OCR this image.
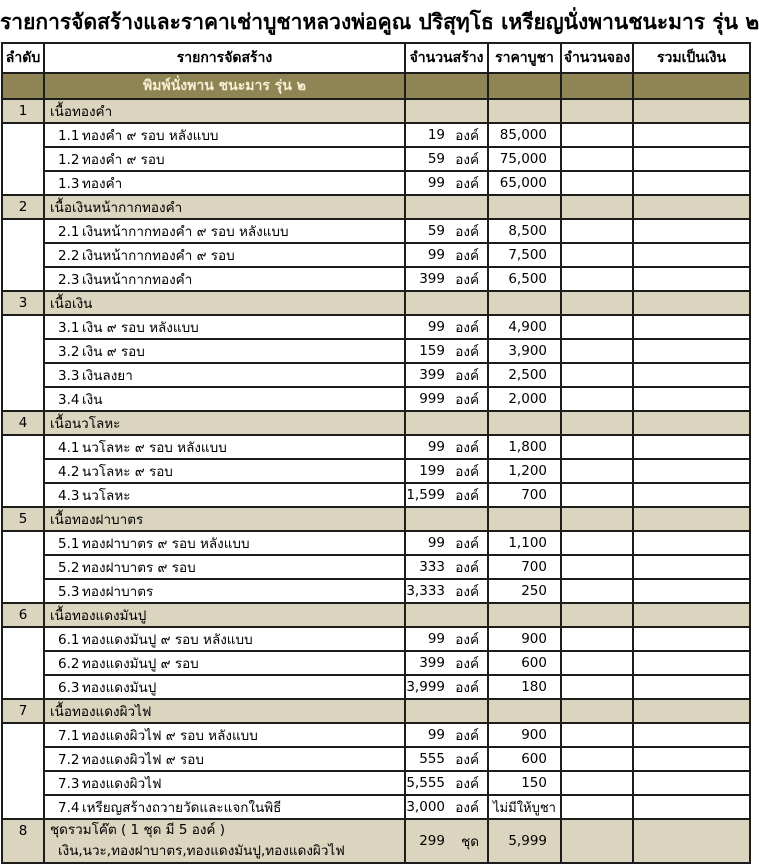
รายการจัดสร้างและราคาเช่าบูชาหลวงพ่อคูณ ปริสุทฺโธ เหรียญนั่งพานชนะมาร รุ่น ๒
ลำดับ	รายการจัดสร้าง	จำนวนสร้าง	ราคาบูชา	จำนวนจอง	รวมเป็นเงิน
	พิมพ์นั่งพาน ชนะมาร รุ่น ๒				
1	เนื้อทองคำ				
	1.1 ทองคำ ๙ รอบ หลังแบบ	19 องค์	85,000		
	1.2 ทองคำ ๙ รอบ	59 องค์	75,000		
	1.3 ทองคำ	99 องค์	65,000		
2	เนื้อเงินหน้ากากทองคำ				
	2.1 เงินหน้ากากทองคำ ๙ รอบ หลังแบบ	59 องค์	8,500		
	2.2 เงินหน้ากากทองคำ ๙ รอบ	99 องค์	7,500		
	2.3 เงินหน้ากากทองคำ	399 องค์	6,500		
3	เนื้อเงิน				
	3.1 เงิน ๙ รอบ หลังแบบ	99 องค์	4,900		
	3.2 เงิน ๙ รอบ	159 องค์	3,900		
	3.3 เงินลงยา	399 องค์	2,500		
	3.4 เงิน	999 องค์	2,000		
4	เนื้อนวโลหะ				
	4.1 นวโลหะ ๙ รอบ หลังแบบ	99 องค์	1,800		
	4.2 นวโลหะ ๙ รอบ	199 องค์	1,200		
	4.3 นวโลหะ	1,599 องค์	700		
5	เนื้อทองฝาบาตร				
	5.1 ทองฝาบาตร ๙ รอบ หลังแบบ	99 องค์	1,100		
	5.2 ทองฝาบาตร ๙ รอบ	333 องค์	700		
	5.3 ทองฝาบาตร	3,333 องค์	250		
6	เนื้อทองแดงมันปู				
	6.1 ทองแดงมันปู ๙ รอบ หลังแบบ	99 องค์	900		
	6.2 ทองแดงมันปู ๙ รอบ	399 องค์	600		
	6.3 ทองแดงมันปู	3,999 องค์	180		
7	เนื้อทองแดงผิวไฟ				
	7.1 ทองแดงผิวไฟ ๙ รอบ หลังแบบ	99 องค์	900		
	7.2 ทองแดงผิวไฟ ๙ รอบ	555 องค์	600		
	7.3 ทองแดงผิวไฟ	5,555 องค์	150		
	7.4 เหรียญสร้างถวายวัดและแจกในพิธี	3,000 องค์	ไม่มีให้บูชา		
8	ชุดรวมโค๊ต ( 1 ชุด มี 5 องค์ )
เงิน,นวะ,ทองฝาบาตร,ทองแดงมันปู,ทองแดงผิวไฟ	299 ชุด	5,999		
